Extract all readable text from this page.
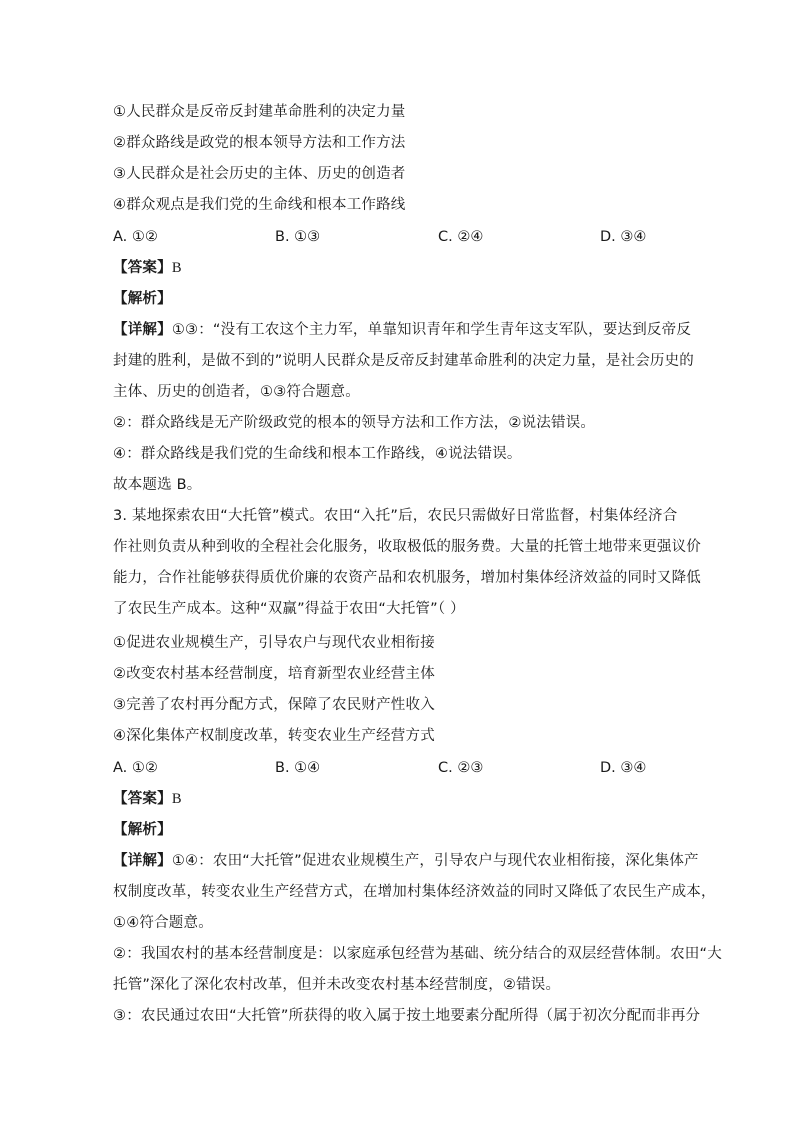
①人民群众是反帝反封建革命胜利的决定力量
②群众路线是政党的根本领导方法和工作方法
③人民群众是社会历史的主体、历史的创造者
④群众观点是我们党的生命线和根本工作路线
A. ①②	B. ①③	C. ②④	D. ③④
【答案】B
【解析】
【详解】①③：“没有工农这个主力军，单靠知识青年和学生青年这支军队，要达到反帝反
封建的胜利，是做不到的”说明人民群众是反帝反封建革命胜利的决定力量，是社会历史的
主体、历史的创造者，①③符合题意。
②：群众路线是无产阶级政党的根本的领导方法和工作方法，②说法错误。
④：群众路线是我们党的生命线和根本工作路线，④说法错误。
故本题选 B。
3. 某地探索农田“大托管”模式。农田“入托”后，农民只需做好日常监督，村集体经济合
作社则负责从种到收的全程社会化服务，收取极低的服务费。大量的托管土地带来更强议价
能力，合作社能够获得质优价廉的农资产品和农机服务，增加村集体经济效益的同时又降低
了农民生产成本。这种“双赢”得益于农田“大托管”（ ）
①促进农业规模生产，引导农户与现代农业相衔接
②改变农村基本经营制度，培育新型农业经营主体
③完善了农村再分配方式，保障了农民财产性收入
④深化集体产权制度改革，转变农业生产经营方式
A. ①②	B. ①④	C. ②③	D. ③④
【答案】B
【解析】
【详解】①④：农田“大托管”促进农业规模生产，引导农户与现代农业相衔接，深化集体产
权制度改革，转变农业生产经营方式，在增加村集体经济效益的同时又降低了农民生产成本，
①④符合题意。
②：我国农村的基本经营制度是：以家庭承包经营为基础、统分结合的双层经营体制。农田“大
托管”深化了深化农村改革，但并未改变农村基本经营制度，②错误。
③：农民通过农田“大托管”所获得的收入属于按土地要素分配所得（属于初次分配而非再分
